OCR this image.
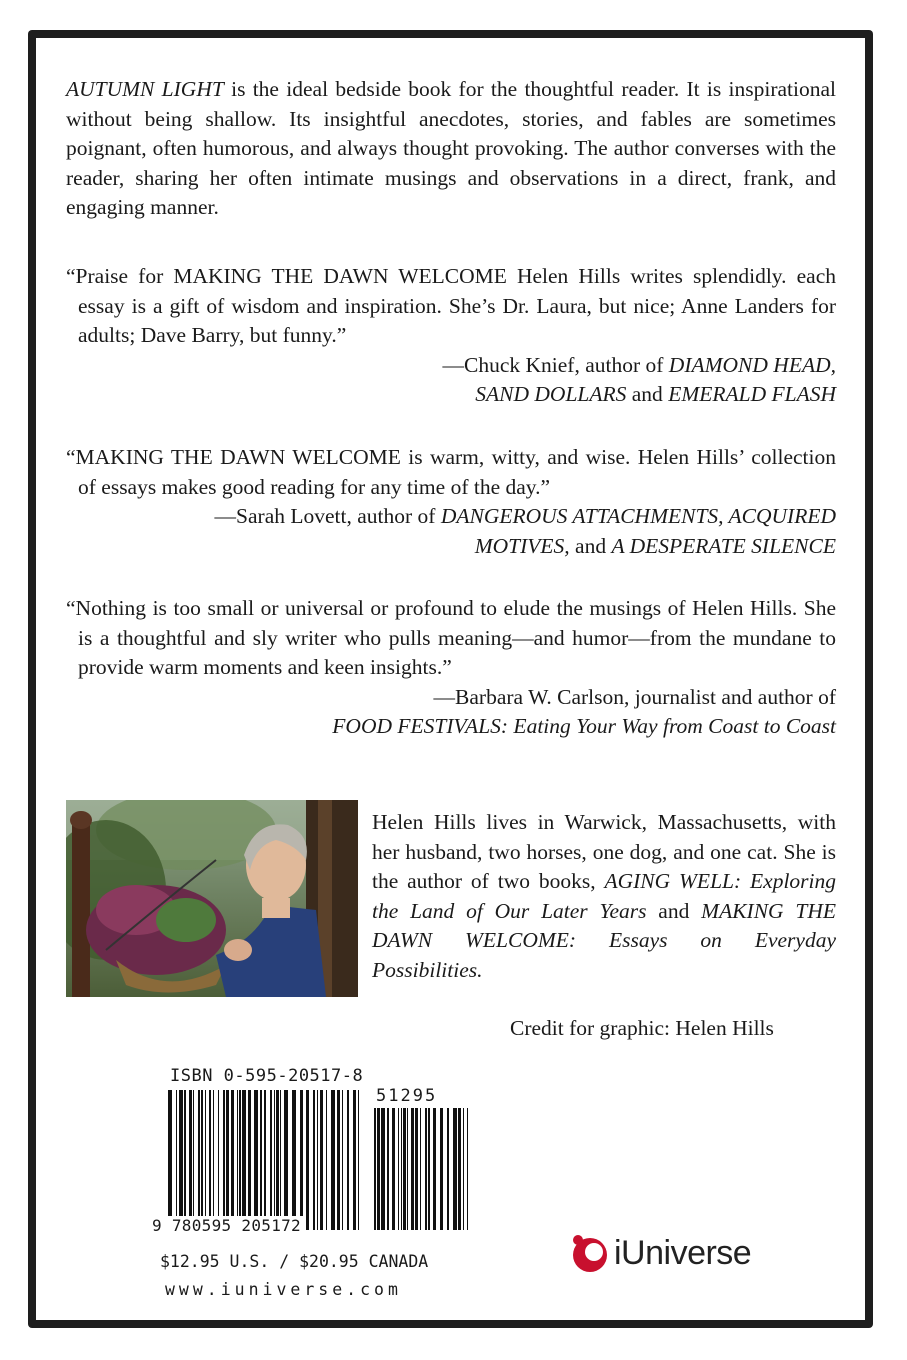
AUTUMN LIGHT is the ideal bedside book for the thoughtful reader. It is inspirational without being shallow. Its insightful anecdotes, stories, and fables are sometimes poignant, often humorous, and always thought provoking. The author converses with the reader, sharing her often intimate musings and observations in a direct, frank, and engaging manner.
“Praise for MAKING THE DAWN WELCOME Helen Hills writes splendidly. each essay is a gift of wisdom and inspiration. She’s Dr. Laura, but nice; Anne Landers for adults; Dave Barry, but funny.”
—Chuck Knief, author of DIAMOND HEAD,
SAND DOLLARS and EMERALD FLASH
“MAKING THE DAWN WELCOME is warm, witty, and wise. Helen Hills’ collection of essays makes good reading for any time of the day.”
—Sarah Lovett, author of DANGEROUS ATTACHMENTS, ACQUIRED
MOTIVES, and A DESPERATE SILENCE
“Nothing is too small or universal or profound to elude the musings of Helen Hills. She is a thoughtful and sly writer who pulls meaning—and humor—from the mundane to provide warm moments and keen insights.”
—Barbara W. Carlson, journalist and author of
FOOD FESTIVALS: Eating Your Way from Coast to Coast
Helen Hills lives in Warwick, Massachusetts, with her husband, two horses, one dog, and one cat. She is the author of two books, AGING WELL: Exploring the Land of Our Later Years and MAKING THE DAWN WELCOME: Essays on Everyday Possibilities.
Credit for graphic: Helen Hills
ISBN 0-595-20517-8
51295
9 780595 205172
$12.95 U.S. / $20.95 CANADA
www.iuniverse.com
iUniverse
